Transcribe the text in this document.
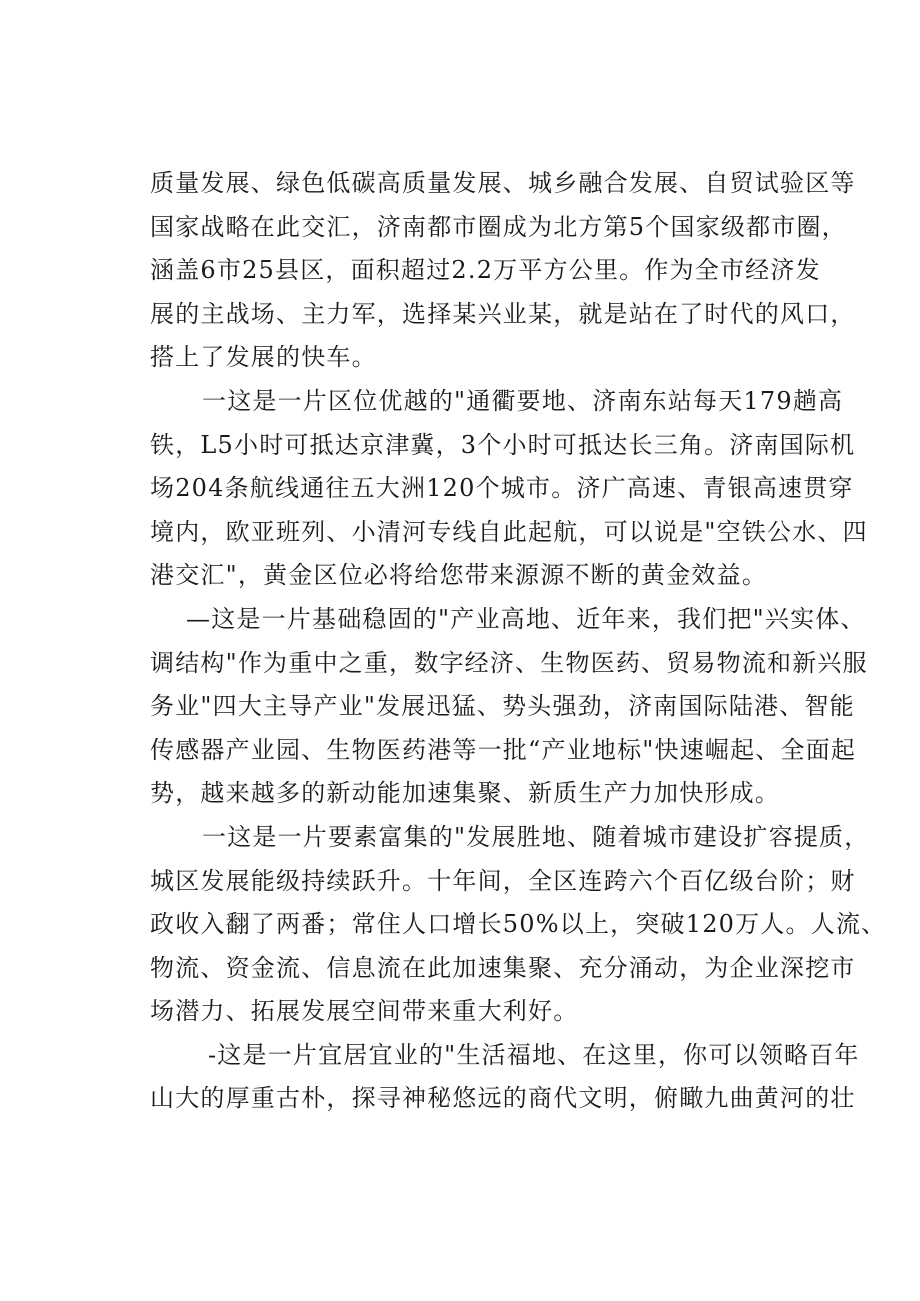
质量发展、绿色低碳高质量发展、城乡融合发展、自贸试验区等
国家战略在此交汇，济南都市圈成为北方第5个国家级都市圈，
涵盖6市25县区，面积超过2.2万平方公里。作为全市经济发
展的主战场、主力军，选择某兴业某，就是站在了时代的风口，
搭上了发展的快车。
一这是一片区位优越的"通衢要地、济南东站每天179趟高
铁，L5小时可抵达京津冀，3个小时可抵达长三角。济南国际机
场204条航线通往五大洲120个城市。济广高速、青银高速贯穿
境内，欧亚班列、小清河专线自此起航，可以说是"空铁公水、四
港交汇"，黄金区位必将给您带来源源不断的黄金效益。
—这是一片基础稳固的"产业高地、近年来，我们把"兴实体、
调结构"作为重中之重，数字经济、生物医药、贸易物流和新兴服
务业"四大主导产业"发展迅猛、势头强劲，济南国际陆港、智能
传感器产业园、生物医药港等一批“产业地标"快速崛起、全面起
势，越来越多的新动能加速集聚、新质生产力加快形成。
一这是一片要素富集的"发展胜地、随着城市建设扩容提质，
城区发展能级持续跃升。十年间，全区连跨六个百亿级台阶；财
政收入翻了两番；常住人口增长50%以上，突破120万人。人流、
物流、资金流、信息流在此加速集聚、充分涌动，为企业深挖市
场潜力、拓展发展空间带来重大利好。
-这是一片宜居宜业的"生活福地、在这里，你可以领略百年
山大的厚重古朴，探寻神秘悠远的商代文明，俯瞰九曲黄河的壮
